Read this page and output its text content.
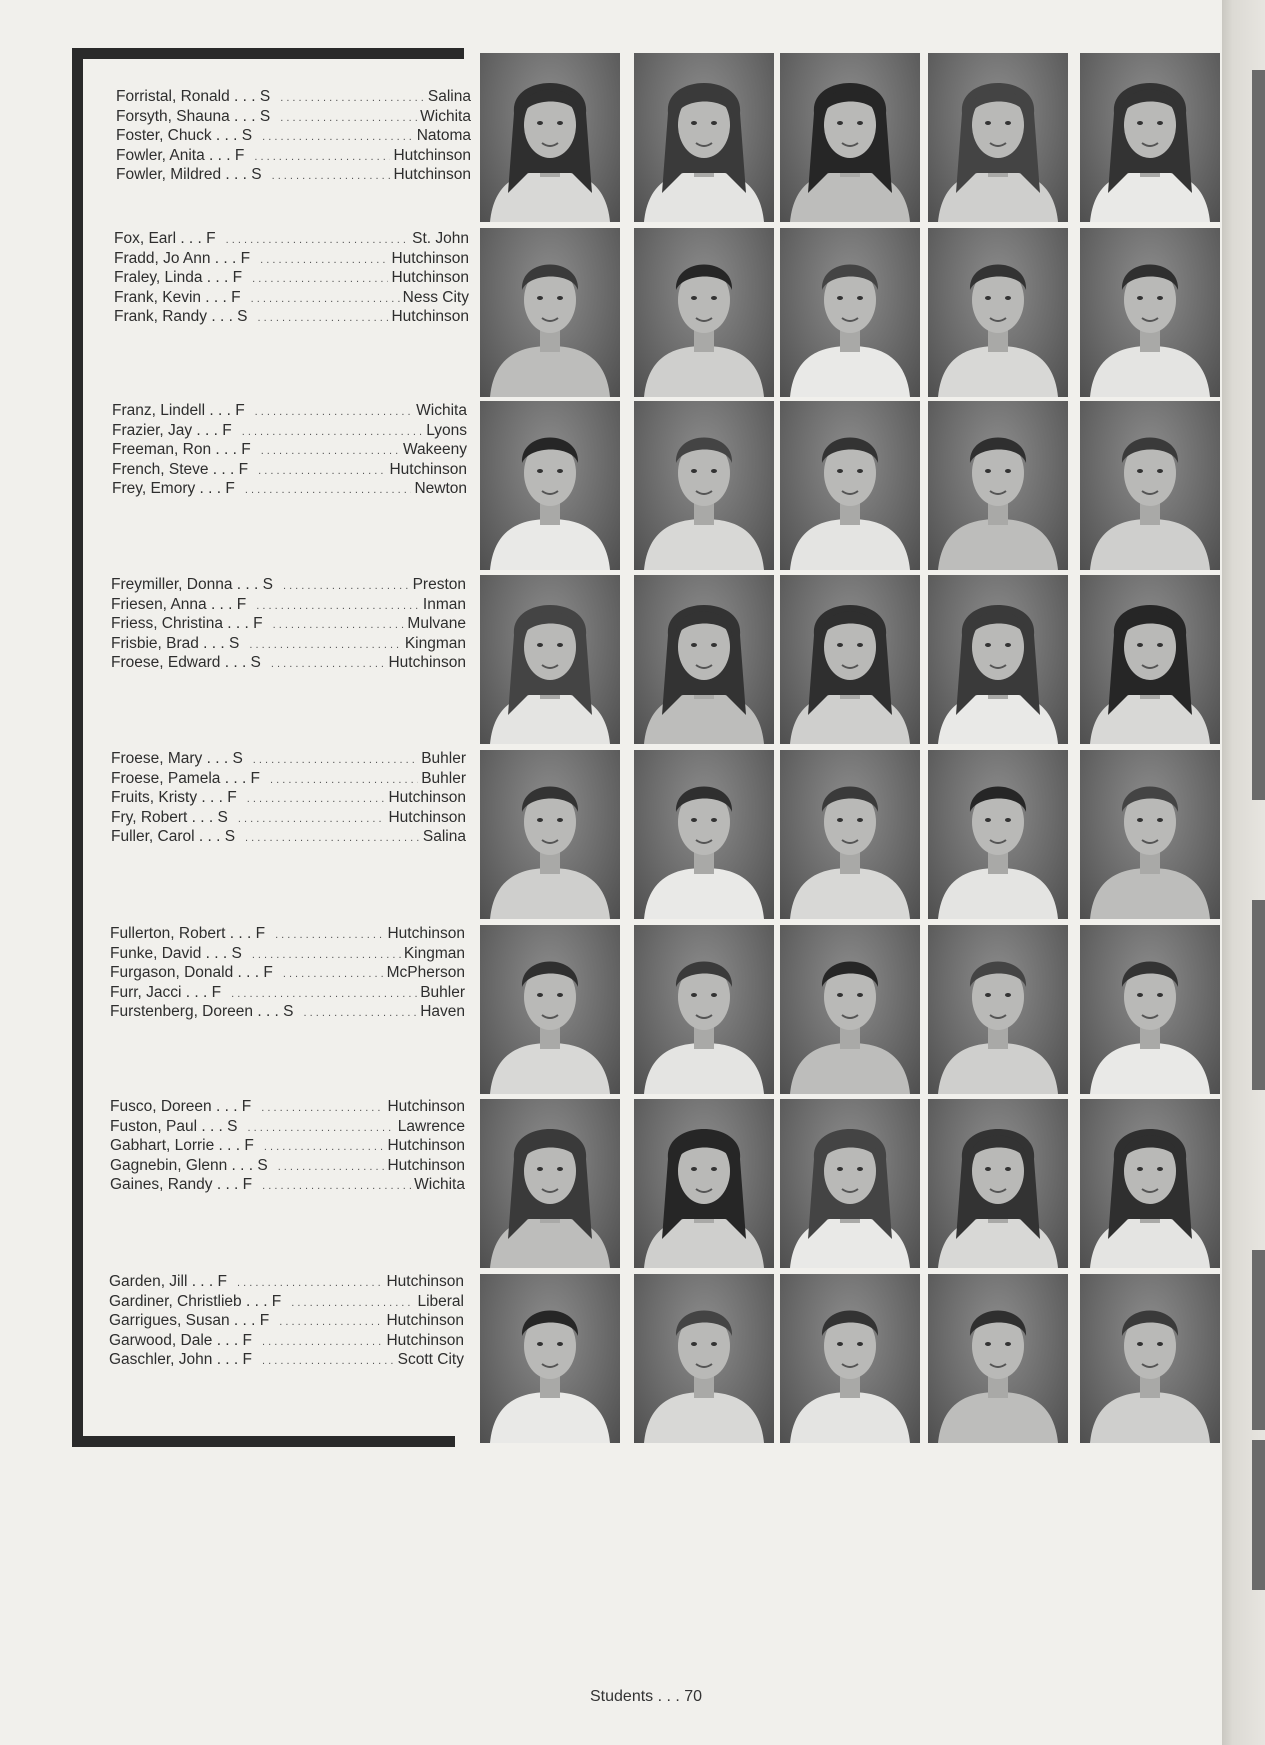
Forristal, Ronald . . . S . . .	Salina
Forsyth, Shauna . . . S . . .	Wichita
Foster, Chuck . . . S . . .	Natoma
Fowler, Anita . . . F . . .	Hutchinson
Fowler, Mildred . . . S . . .	Hutchinson
Fox, Earl . . . F . . .	St. John
Fradd, Jo Ann . . . F . . .	Hutchinson
Fraley, Linda . . . F . . .	Hutchinson
Frank, Kevin . . . F . . .	Ness City
Frank, Randy . . . S . . .	Hutchinson
Franz, Lindell . . . F . . .	Wichita
Frazier, Jay . . . F . . .	Lyons
Freeman, Ron . . . F . . .	Wakeeny
French, Steve . . . F . . .	Hutchinson
Frey, Emory . . . F . . .	Newton
Freymiller, Donna . . . S . . .	Preston
Friesen, Anna . . . F . . .	Inman
Friess, Christina . . . F . . .	Mulvane
Frisbie, Brad . . . S . . .	Kingman
Froese, Edward . . . S . . .	Hutchinson
Froese, Mary . . . S . . .	Buhler
Froese, Pamela . . . F . . .	Buhler
Fruits, Kristy . . . F . . .	Hutchinson
Fry, Robert . . . S . . .	Hutchinson
Fuller, Carol . . . S . . .	Salina
Fullerton, Robert . . . F . . .	Hutchinson
Funke, David . . . S . . .	Kingman
Furgason, Donald . . . F . . .	McPherson
Furr, Jacci . . . F . . .	Buhler
Furstenberg, Doreen . . . S . . .	Haven
Fusco, Doreen . . . F . . .	Hutchinson
Fuston, Paul . . . S . . .	Lawrence
Gabhart, Lorrie . . . F . . .	Hutchinson
Gagnebin, Glenn . . . S . . .	Hutchinson
Gaines, Randy . . . F . . .	Wichita
Garden, Jill . . . F . . .	Hutchinson
Gardiner, Christlieb . . . F . . .	Liberal
Garrigues, Susan . . . F . . .	Hutchinson
Garwood, Dale . . . F . . .	Hutchinson
Gaschler, John . . . F . . .	Scott City
Students . . . 70
